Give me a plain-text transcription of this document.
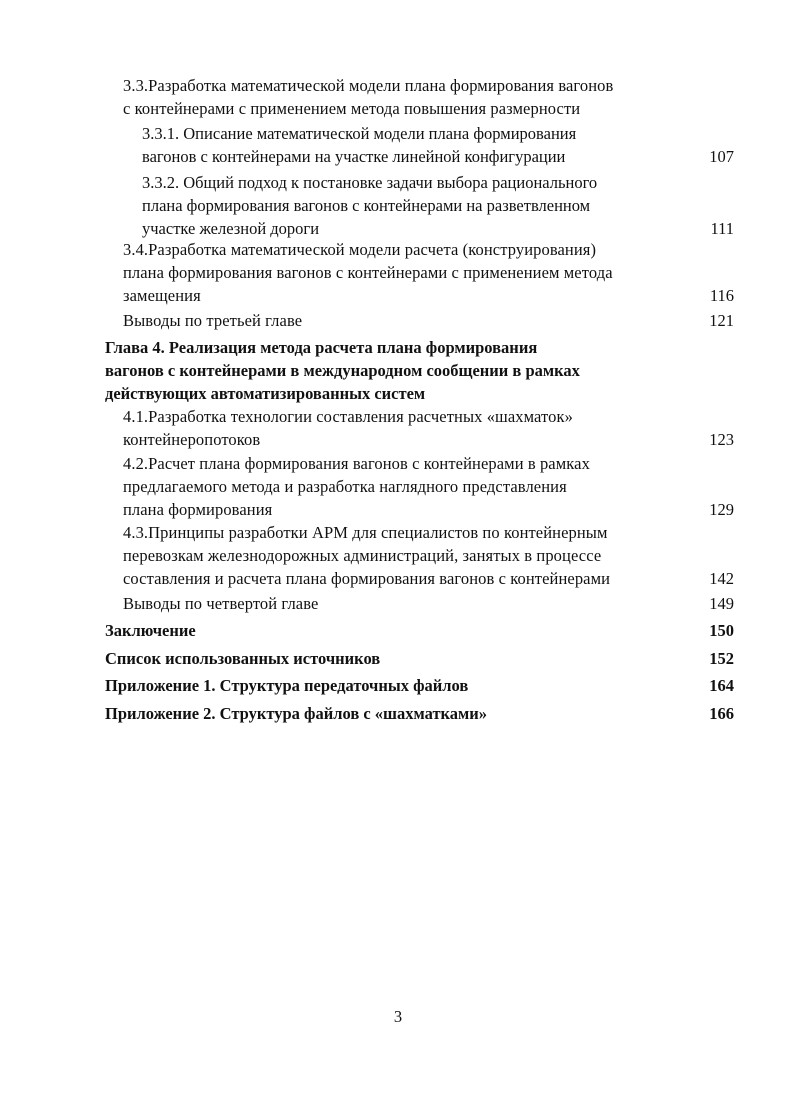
3.3.Разработка математической модели плана формирования вагонов
с контейнерами с применением метода повышения размерности
3.3.1. Описание математической модели плана формирования
вагонов с контейнерами на участке линейной конфигурации	107
3.3.2. Общий подход к постановке задачи выбора рационального
плана формирования вагонов с контейнерами на разветвленном
участке железной дороги	111
3.4.Разработка математической модели расчета (конструирования)
плана формирования вагонов с контейнерами с применением метода
замещения	116
Выводы по третьей главе	121
Глава 4. Реализация метода расчета плана формирования
вагонов с контейнерами в международном сообщении в рамках
действующих автоматизированных систем
4.1.Разработка технологии составления расчетных «шахматок»
контейнеропотоков	123
4.2.Расчет плана формирования вагонов с контейнерами в рамках
предлагаемого метода и разработка наглядного представления
плана формирования	129
4.3.Принципы разработки АРМ для специалистов по контейнерным
перевозкам железнодорожных администраций, занятых в процессе
составления и расчета плана формирования вагонов с контейнерами	142
Выводы по четвертой главе	149
Заключение	150
Список использованных источников	152
Приложение 1. Структура передаточных файлов	164
Приложение 2. Структура файлов с «шахматками»	166
3
